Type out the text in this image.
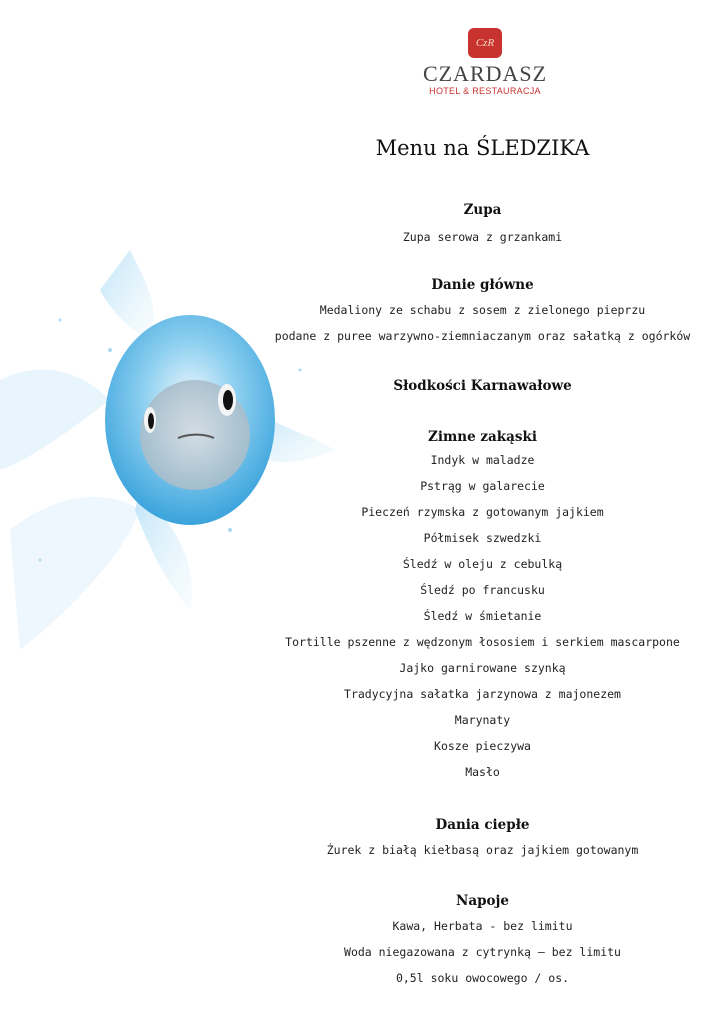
CzR
CZARDASZ
HOTEL & RESTAURACJA
Menu na ŚLEDZIKA
Zupa
Zupa serowa z grzankami
Danie główne
Medaliony ze schabu z sosem z zielonego pieprzu
podane z puree warzywno-ziemniaczanym oraz sałatką z ogórków
Słodkości Karnawałowe
Zimne zakąski
Indyk w maladze
Pstrąg w galarecie
Pieczeń rzymska z gotowanym jajkiem
Półmisek szwedzki
Śledź w oleju z cebulką
Śledź po francusku
Śledź w śmietanie
Tortille pszenne z wędzonym łososiem i serkiem mascarpone
Jajko garnirowane szynką
Tradycyjna sałatka jarzynowa z majonezem
Marynaty
Kosze pieczywa
Masło
Dania ciepłe
Żurek z białą kiełbasą oraz jajkiem gotowanym
Napoje
Kawa, Herbata - bez limitu
Woda niegazowana z cytrynką – bez limitu
0,5l soku owocowego / os.
